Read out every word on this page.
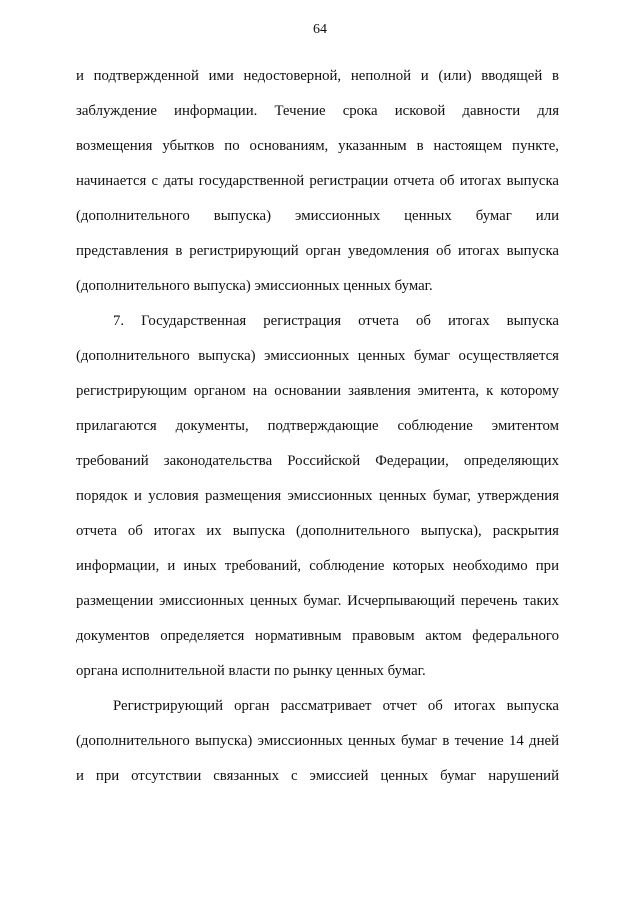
64
и подтвержденной ими недостоверной, неполной и (или) вводящей в
заблуждение информации. Течение срока исковой давности для
возмещения убытков по основаниям, указанным в настоящем пункте,
начинается с даты государственной регистрации отчета об итогах выпуска
(дополнительного выпуска) эмиссионных ценных бумаг или
представления в регистрирующий орган уведомления об итогах выпуска
(дополнительного выпуска) эмиссионных ценных бумаг.
7. Государственная регистрация отчета об итогах выпуска
(дополнительного выпуска) эмиссионных ценных бумаг осуществляется
регистрирующим органом на основании заявления эмитента, к которому
прилагаются документы, подтверждающие соблюдение эмитентом
требований законодательства Российской Федерации, определяющих
порядок и условия размещения эмиссионных ценных бумаг, утверждения
отчета об итогах их выпуска (дополнительного выпуска), раскрытия
информации, и иных требований, соблюдение которых необходимо при
размещении эмиссионных ценных бумаг. Исчерпывающий перечень таких
документов определяется нормативным правовым актом федерального
органа исполнительной власти по рынку ценных бумаг.
Регистрирующий орган рассматривает отчет об итогах выпуска
(дополнительного выпуска) эмиссионных ценных бумаг в течение 14 дней
и при отсутствии связанных с эмиссией ценных бумаг нарушений
